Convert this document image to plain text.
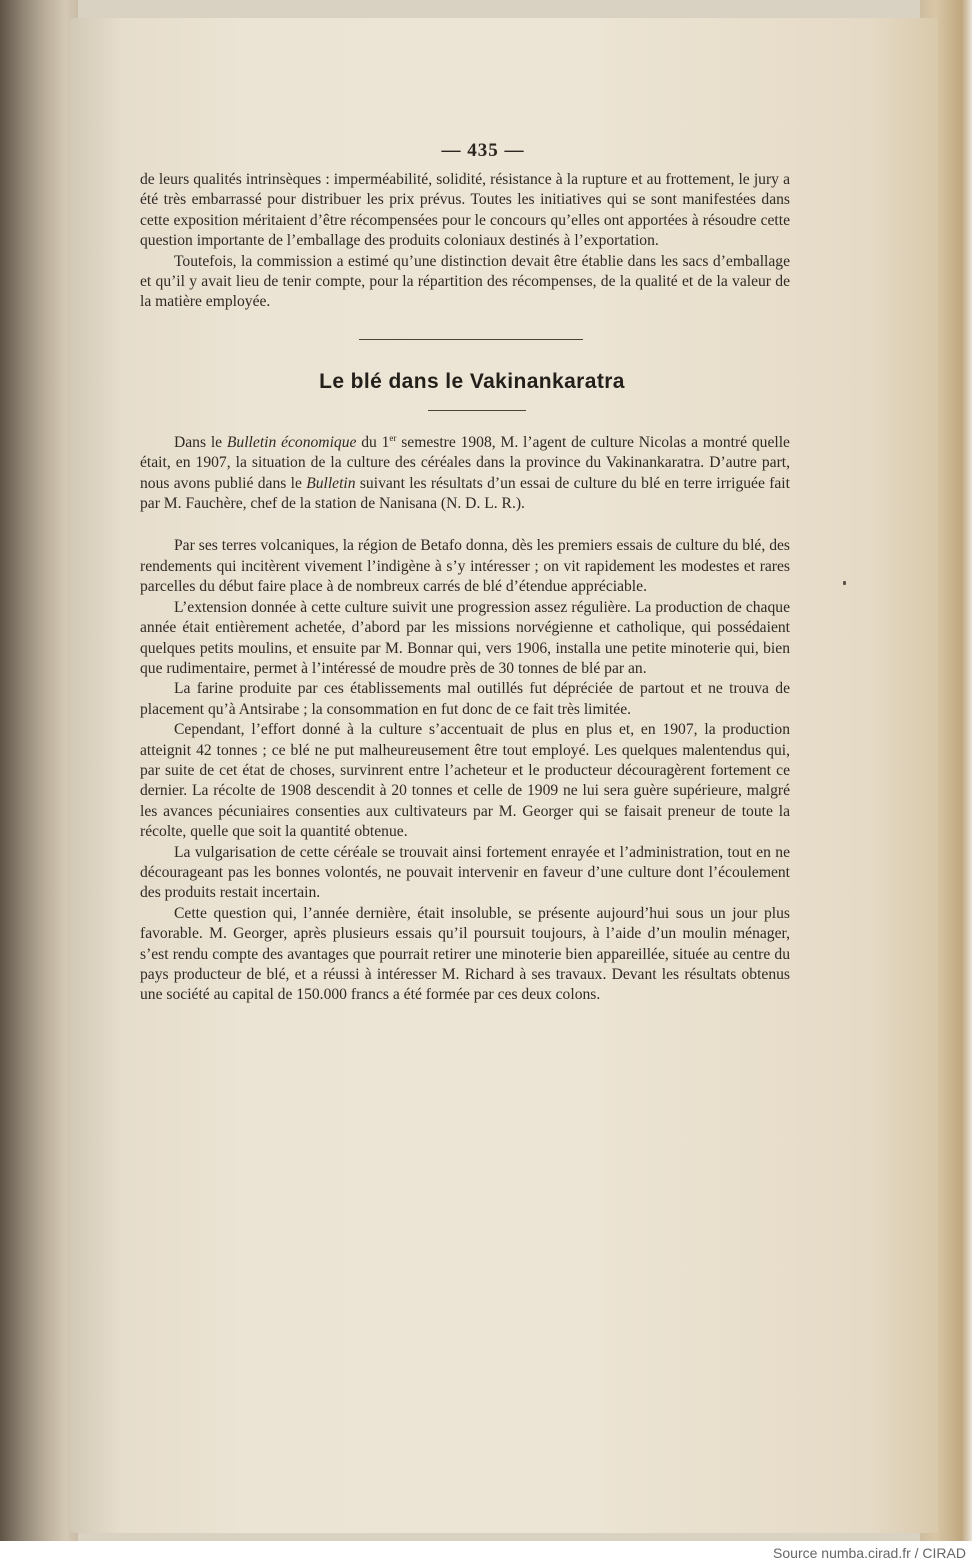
— 435 —

de leurs qualités intrinsèques : imperméabilité, solidité, résistance à la rupture et au frottement, le jury a été très embarrassé pour distribuer les prix prévus. Toutes les initiatives qui se sont manifestées dans cette exposition méritaient d’être récompensées pour le concours qu’elles ont apportées à résoudre cette question importante de l’emballage des produits coloniaux destinés à l’exportation.

Toutefois, la commission a estimé qu’une distinction devait être établie dans les sacs d’emballage et qu’il y avait lieu de tenir compte, pour la répartition des récompenses, de la qualité et de la valeur de la matière employée.

Le blé dans le Vakinankaratra

Dans le Bulletin économique du 1er semestre 1908, M. l’agent de culture Nicolas a montré quelle était, en 1907, la situation de la culture des céréales dans la province du Vakinankaratra. D’autre part, nous avons publié dans le Bulletin suivant les résultats d’un essai de culture du blé en terre irriguée fait par M. Fauchère, chef de la station de Nanisana (N. D. L. R.).

Par ses terres volcaniques, la région de Betafo donna, dès les premiers essais de culture du blé, des rendements qui incitèrent vivement l’indigène à s’y intéresser ; on vit rapidement les modestes et rares parcelles du début faire place à de nombreux carrés de blé d’étendue appréciable.

L’extension donnée à cette culture suivit une progression assez régulière. La production de chaque année était entièrement achetée, d’abord par les missions norvégienne et catholique, qui possédaient quelques petits moulins, et ensuite par M. Bonnar qui, vers 1906, installa une petite minoterie qui, bien que rudimentaire, permet à l’intéressé de moudre près de 30 tonnes de blé par an.

La farine produite par ces établissements mal outillés fut dépréciée de partout et ne trouva de placement qu’à Antsirabe ; la consommation en fut donc de ce fait très limitée.

Cependant, l’effort donné à la culture s’accentuait de plus en plus et, en 1907, la production atteignit 42 tonnes ; ce blé ne put malheureusement être tout employé. Les quelques malentendus qui, par suite de cet état de choses, survinrent entre l’acheteur et le producteur découragèrent fortement ce dernier. La récolte de 1908 descendit à 20 tonnes et celle de 1909 ne lui sera guère supérieure, malgré les avances pécuniaires consenties aux cultivateurs par M. Georger qui se faisait preneur de toute la récolte, quelle que soit la quantité obtenue.

La vulgarisation de cette céréale se trouvait ainsi fortement enrayée et l’administration, tout en ne décourageant pas les bonnes volontés, ne pouvait intervenir en faveur d’une culture dont l’écoulement des produits restait incertain.

Cette question qui, l’année dernière, était insoluble, se présente aujourd’hui sous un jour plus favorable. M. Georger, après plusieurs essais qu’il poursuit toujours, à l’aide d’un moulin ménager, s’est rendu compte des avantages que pourrait retirer une minoterie bien appareillée, située au centre du pays producteur de blé, et a réussi à intéresser M. Richard à ses travaux. Devant les résultats obtenus une société au capital de 150.000 francs a été formée par ces deux colons.

Source numba.cirad.fr / CIRAD
